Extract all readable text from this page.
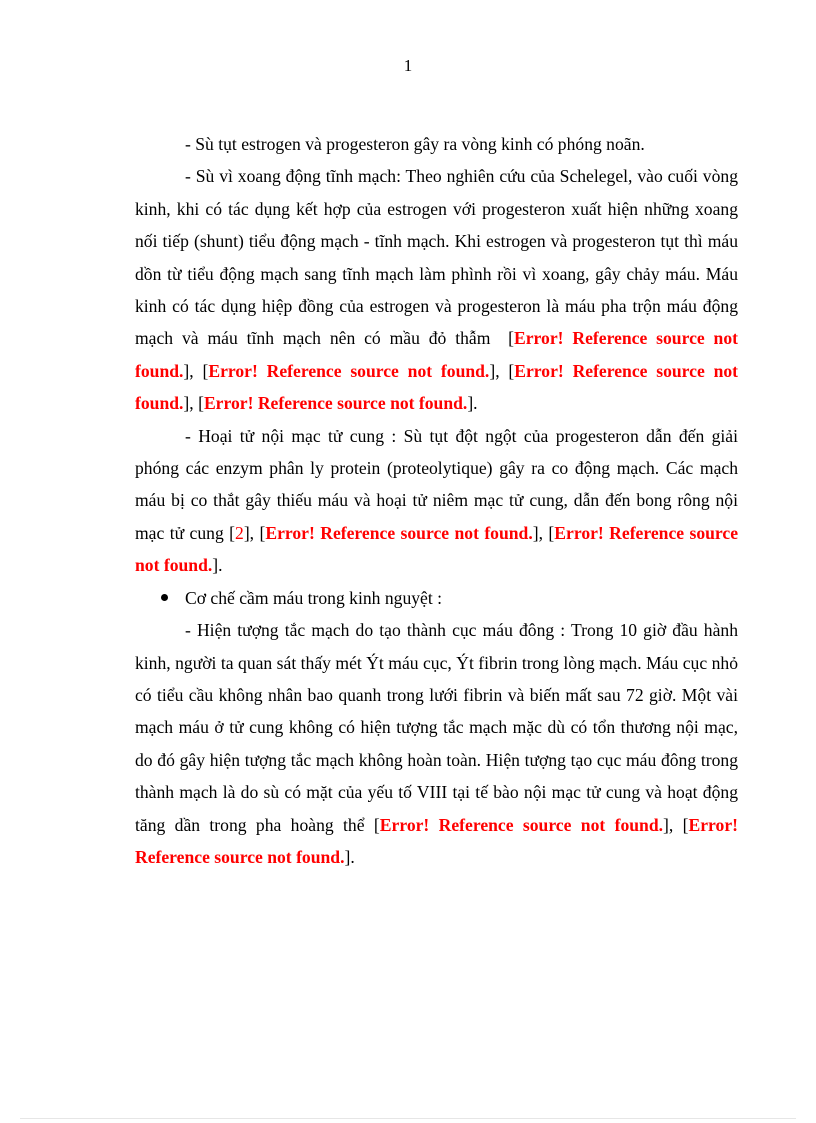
1

- Sù tụt estrogen và progesteron gây ra vòng kinh có phóng noãn.

- Sù vì xoang động tĩnh mạch: Theo nghiên cứu của Schelegel, vào cuối vòng kinh, khi có tác dụng kết hợp của estrogen với progesteron xuất hiện những xoang nối tiếp (shunt) tiểu động mạch - tĩnh mạch. Khi estrogen và progesteron tụt thì máu dồn từ tiểu động mạch sang tĩnh mạch làm phình rồi vì xoang, gây chảy máu. Máu kinh có tác dụng hiệp đồng của estrogen và progesteron là máu pha trộn máu động mạch và máu tĩnh mạch nên có mầu đỏ thẫm  [Error! Reference source not found.], [Error! Reference source not found.], [Error! Reference source not found.], [Error! Reference source not found.].

- Hoại tử nội mạc tử cung : Sù tụt đột ngột của progesteron dẫn đến giải phóng các enzym phân ly protein (proteolytique) gây ra co động mạch. Các mạch máu bị co thắt gây thiếu máu và hoại tử niêm mạc tử cung, dẫn đến bong rông nội mạc tử cung [2], [Error! Reference source not found.], [Error! Reference source not found.].

Cơ chế cầm máu trong kinh nguyệt :

- Hiện tượng tắc mạch do tạo thành cục máu đông : Trong 10 giờ đầu hành kinh, người ta quan sát thấy mét Ýt máu cục, Ýt fibrin trong lòng mạch. Máu cục nhỏ có tiểu cầu không nhân bao quanh trong lưới fibrin và biến mất sau 72 giờ. Một vài mạch máu ở tử cung không có hiện tượng tắc mạch mặc dù có tổn thương nội mạc, do đó gây hiện tượng tắc mạch không hoàn toàn. Hiện tượng tạo cục máu đông trong thành mạch là do sù có mặt của yếu tố VIII tại tế bào nội mạc tử cung và hoạt động tăng dần trong pha hoàng thể [Error! Reference source not found.], [Error! Reference source not found.].
